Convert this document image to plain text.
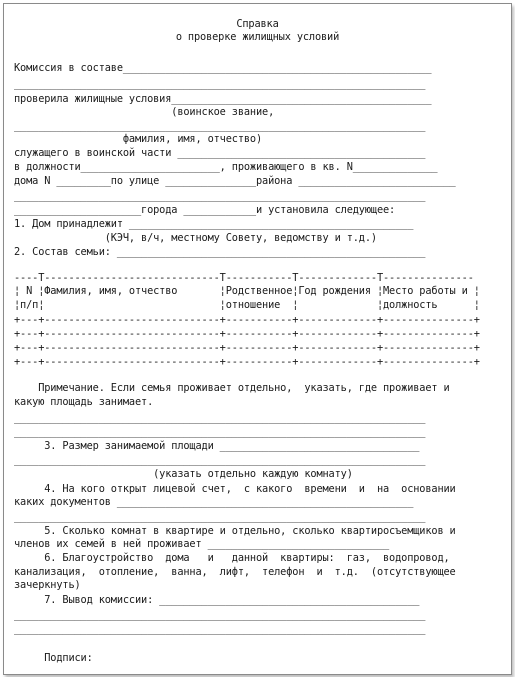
Справка
о проверке жилищных условий
Комиссия в составе___________________________________________________
____________________________________________________________________
проверила жилищные условия___________________________________________
(воинское звание,
____________________________________________________________________
фамилия, имя, отчество)
служащего в воинской части _________________________________________
в должности_______________________, проживающего в кв. N______________
дома N _________по улице _______________района __________________________
____________________________________________________________________
_____________________города ____________и установила следующее:
1. Дом принадлежит _______________________________________________
(КЭЧ, в/ч, местному Совету, ведомству и т.д.)
2. Состав семьи: ___________________________________________________
----T-----------------------------T-----------T-------------T---------------
¦ N ¦Фамилия, имя, отчество       ¦Родственное¦Год рождения ¦Место работы и ¦
¦п/п¦                             ¦отношение  ¦             ¦должность      ¦
+---+-----------------------------+-----------+-------------+---------------+
+---+-----------------------------+-----------+-------------+---------------+
+---+-----------------------------+-----------+-------------+---------------+
+---+-----------------------------+-----------+-------------+---------------+
Примечание. Если семья проживает отдельно,  указать, где проживает и
какую площадь занимает.
____________________________________________________________________
____________________________________________________________________
3. Размер занимаемой площади _________________________________
____________________________________________________________________
(указать отдельно каждую комнату)
4. На кого открыт лицевой счет,  с какого  времени  и  на  основании
каких документов _________________________________________________
____________________________________________________________________
5. Сколько комнат в квартире и отдельно, сколько квартиросъемщиков и
членов их семей в ней проживает ______________________________
6. Благоустройство  дома   и   данной  квартиры:  газ,  водопровод,
канализация,  отопление,  ванна,  лифт,  телефон  и  т.д.  (отсутствующее
зачеркнуть)
7. Вывод комиссии: ___________________________________________
____________________________________________________________________
____________________________________________________________________
Подписи:
